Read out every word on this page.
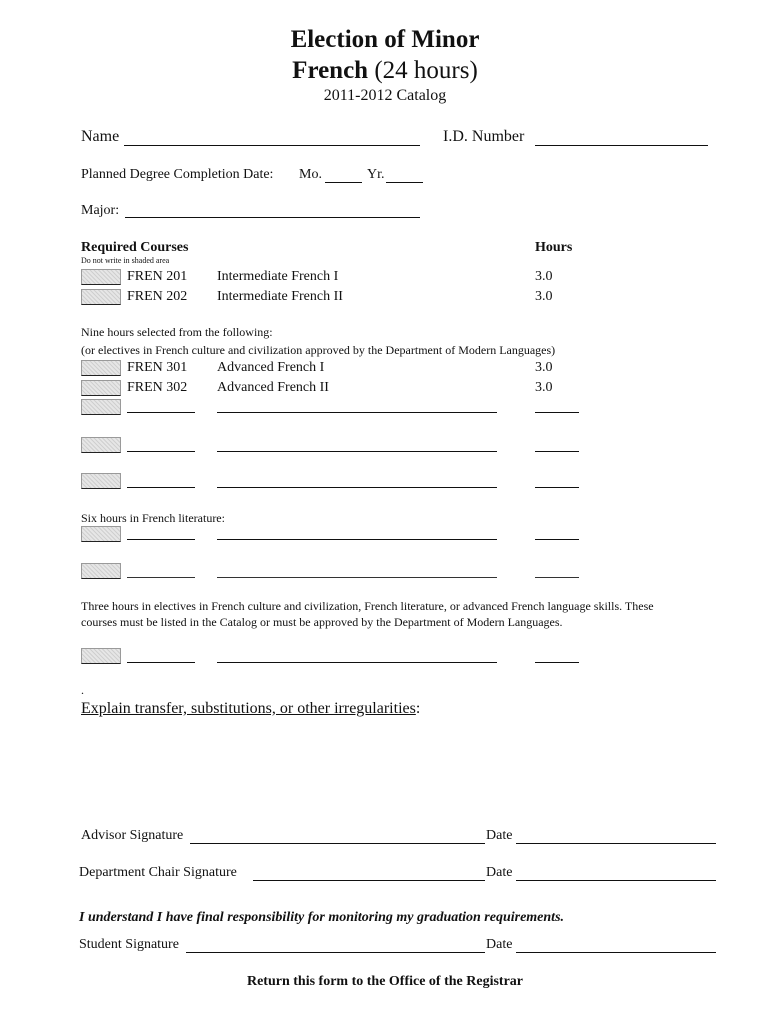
Election of Minor
French (24 hours)
2011-2012 Catalog
Name	I.D. Number
Planned Degree Completion Date: Mo.	Yr.
Major:
Required Courses	Hours
Do not write in shaded area
FREN 201 Intermediate French I	3.0
FREN 202 Intermediate French II	3.0
Nine hours selected from the following:
(or electives in French culture and civilization approved by the Department of Modern Languages)
FREN 301 Advanced French I	3.0
FREN 302 Advanced French II	3.0
Six hours in French literature:
Three hours in electives in French culture and civilization, French literature, or advanced French language skills. These
courses must be listed in the Catalog or must be approved by the Department of Modern Languages.
.
Explain transfer, substitutions, or other irregularities:
Advisor Signature	Date
Department Chair Signature	Date
I understand I have final responsibility for monitoring my graduation requirements.
Student Signature	Date
Return this form to the Office of the Registrar
